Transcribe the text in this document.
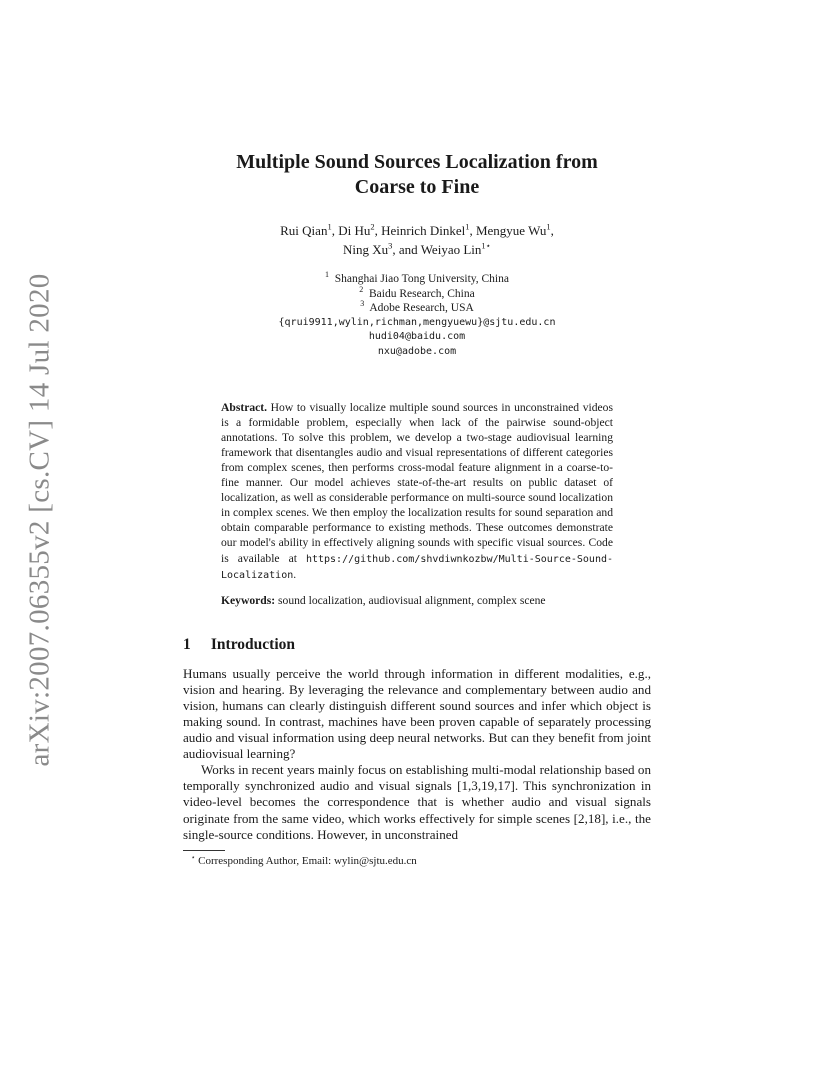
arXiv:2007.06355v2 [cs.CV] 14 Jul 2020
Multiple Sound Sources Localization from
Coarse to Fine
Rui Qian$^1$, Di Hu$^2$, Heinrich Dinkel$^1$, Mengyue Wu$^1$,
Ning Xu$^3$, and Weiyao Lin$^{1⋆}$
$^1$ Shanghai Jiao Tong University, China
$^2$ Baidu Research, China
$^3$ Adobe Research, USA
{qrui9911,wylin,richman,mengyuewu}@sjtu.edu.cn
hudi04@baidu.com
nxu@adobe.com
Abstract. How to visually localize multiple sound sources in unconstrained videos is a formidable problem, especially when lack of the pairwise sound-object annotations. To solve this problem, we develop a two-stage audiovisual learning framework that disentangles audio and visual representations of different categories from complex scenes, then performs cross-modal feature alignment in a coarse-to-fine manner. Our model achieves state-of-the-art results on public dataset of localization, as well as considerable performance on multi-source sound localization in complex scenes. We then employ the localization results for sound separation and obtain comparable performance to existing methods. These outcomes demonstrate our model's ability in effectively aligning sounds with specific visual sources. Code is available at https://github.com/shvdiwnkozbw/Multi-Source-Sound-Localization.
Keywords: sound localization, audiovisual alignment, complex scene
1 Introduction

Humans usually perceive the world through information in different modalities, e.g., vision and hearing. By leveraging the relevance and complementary between audio and vision, humans can clearly distinguish different sound sources and infer which object is making sound. In contrast, machines have been proven capable of separately processing audio and visual information using deep neural networks. But can they benefit from joint audiovisual learning?

Works in recent years mainly focus on establishing multi-modal relationship based on temporally synchronized audio and visual signals [1,3,19,17]. This synchronization in video-level becomes the correspondence that is whether audio and visual signals originate from the same video, which works effectively for simple scenes [2,18], i.e., the single-source conditions. However, in unconstrained

⋆ Corresponding Author, Email: wylin@sjtu.edu.cn
